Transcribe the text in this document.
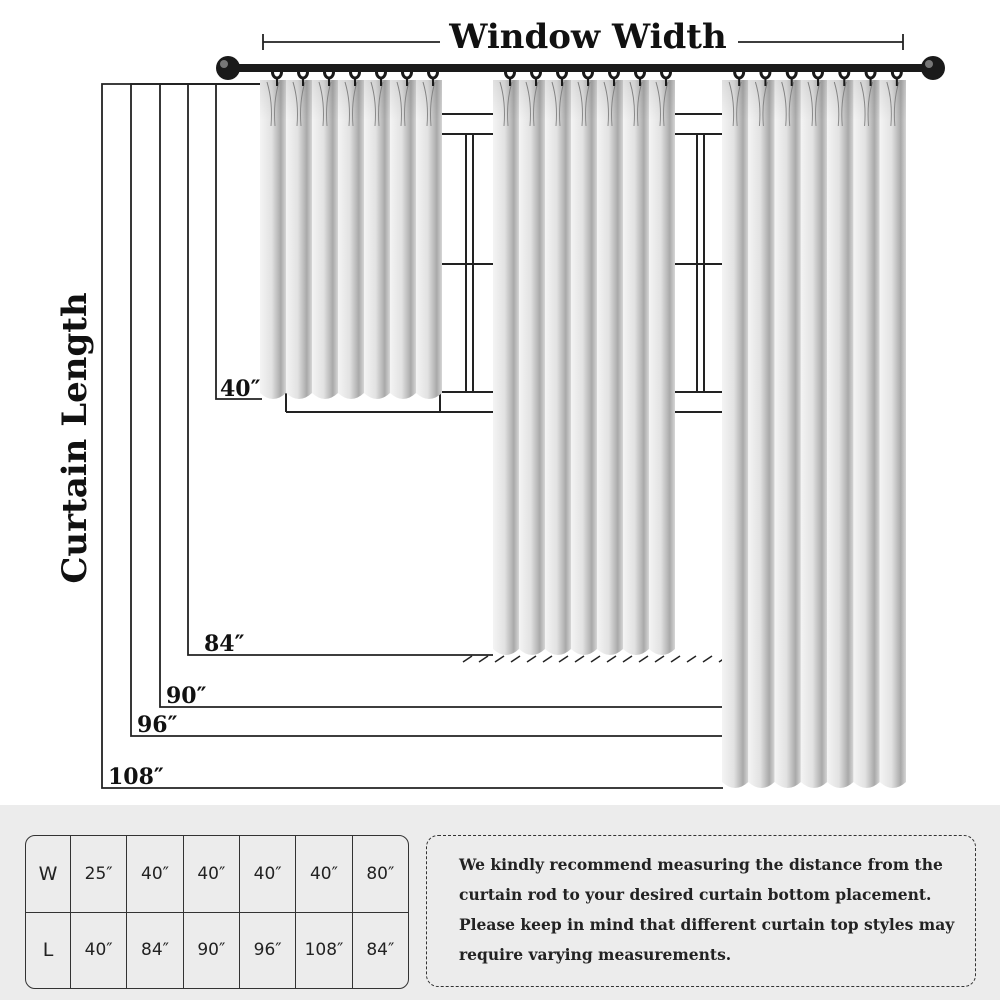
Window Width
Curtain Length	40″
84″
90″
96″
108″
W	25″	40″	40″	40″	40″	80″
L	40″	84″	90″	96″	108″	84″
We kindly recommend measuring the distance from the
curtain rod to your desired curtain bottom placement.
Please keep in mind that different curtain top styles may
require varying measurements.
